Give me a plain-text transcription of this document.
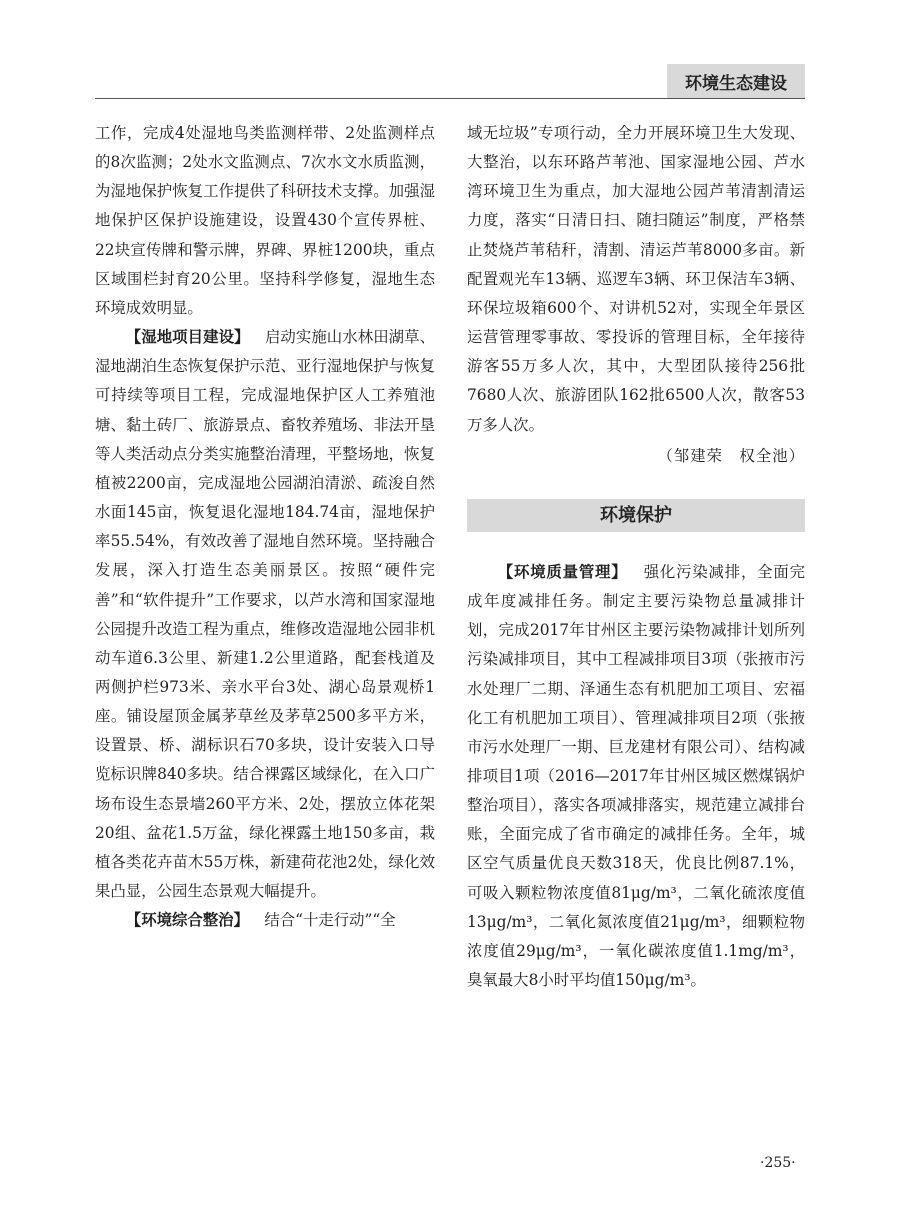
环境生态建设

工作，完成4处湿地鸟类监测样带、2处监测样点的8次监测；2处水文监测点、7次水文水质监测，为湿地保护恢复工作提供了科研技术支撑。加强湿地保护区保护设施建设，设置430个宣传界桩、22块宣传牌和警示牌，界碑、界桩1200块，重点区域围栏封育20公里。坚持科学修复，湿地生态环境成效明显。

【湿地项目建设】  启动实施山水林田湖草、湿地湖泊生态恢复保护示范、亚行湿地保护与恢复可持续等项目工程，完成湿地保护区人工养殖池塘、黏土砖厂、旅游景点、畜牧养殖场、非法开垦等人类活动点分类实施整治清理，平整场地，恢复植被2200亩，完成湿地公园湖泊清淤、疏浚自然水面145亩，恢复退化湿地184.74亩，湿地保护率55.54%，有效改善了湿地自然环境。坚持融合发展，深入打造生态美丽景区。按照“硬件完善”和“软件提升”工作要求，以芦水湾和国家湿地公园提升改造工程为重点，维修改造湿地公园非机动车道6.3公里、新建1.2公里道路，配套栈道及两侧护栏973米、亲水平台3处、湖心岛景观桥1座。铺设屋顶金属茅草丝及茅草2500多平方米，设置景、桥、湖标识石70多块，设计安装入口导览标识牌840多块。结合裸露区域绿化，在入口广场布设生态景墙260平方米、2处，摆放立体花架20组、盆花1.5万盆，绿化裸露土地150多亩，栽植各类花卉苗木55万株，新建荷花池2处，绿化效果凸显，公园生态景观大幅提升。

【环境综合整治】  结合“十走行动”“全

域无垃圾”专项行动，全力开展环境卫生大发现、大整治，以东环路芦苇池、国家湿地公园、芦水湾环境卫生为重点，加大湿地公园芦苇清割清运力度，落实“日清日扫、随扫随运”制度，严格禁止焚烧芦苇秸秆，清割、清运芦苇8000多亩。新配置观光车13辆、巡逻车3辆、环卫保洁车3辆、环保垃圾箱600个、对讲机52对，实现全年景区运营管理零事故、零投诉的管理目标，全年接待游客55万多人次，其中，大型团队接待256批7680人次、旅游团队162批6500人次，散客53万多人次。

（邹建荣　权全池）

环境保护

【环境质量管理】  强化污染减排，全面完成年度减排任务。制定主要污染物总量减排计划，完成2017年甘州区主要污染物减排计划所列污染减排项目，其中工程减排项目3项（张掖市污水处理厂二期、泽通生态有机肥加工项目、宏福化工有机肥加工项目）、管理减排项目2项（张掖市污水处理厂一期、巨龙建材有限公司）、结构减排项目1项（2016—2017年甘州区城区燃煤锅炉整治项目），落实各项减排落实，规范建立减排台账，全面完成了省市确定的减排任务。全年，城区空气质量优良天数318天，优良比例87.1%，可吸入颗粒物浓度值81μg/m³，二氧化硫浓度值13μg/m³，二氧化氮浓度值21μg/m³，细颗粒物浓度值29μg/m³，一氧化碳浓度值1.1mg/m³，臭氧最大8小时平均值150μg/m³。

·255·
